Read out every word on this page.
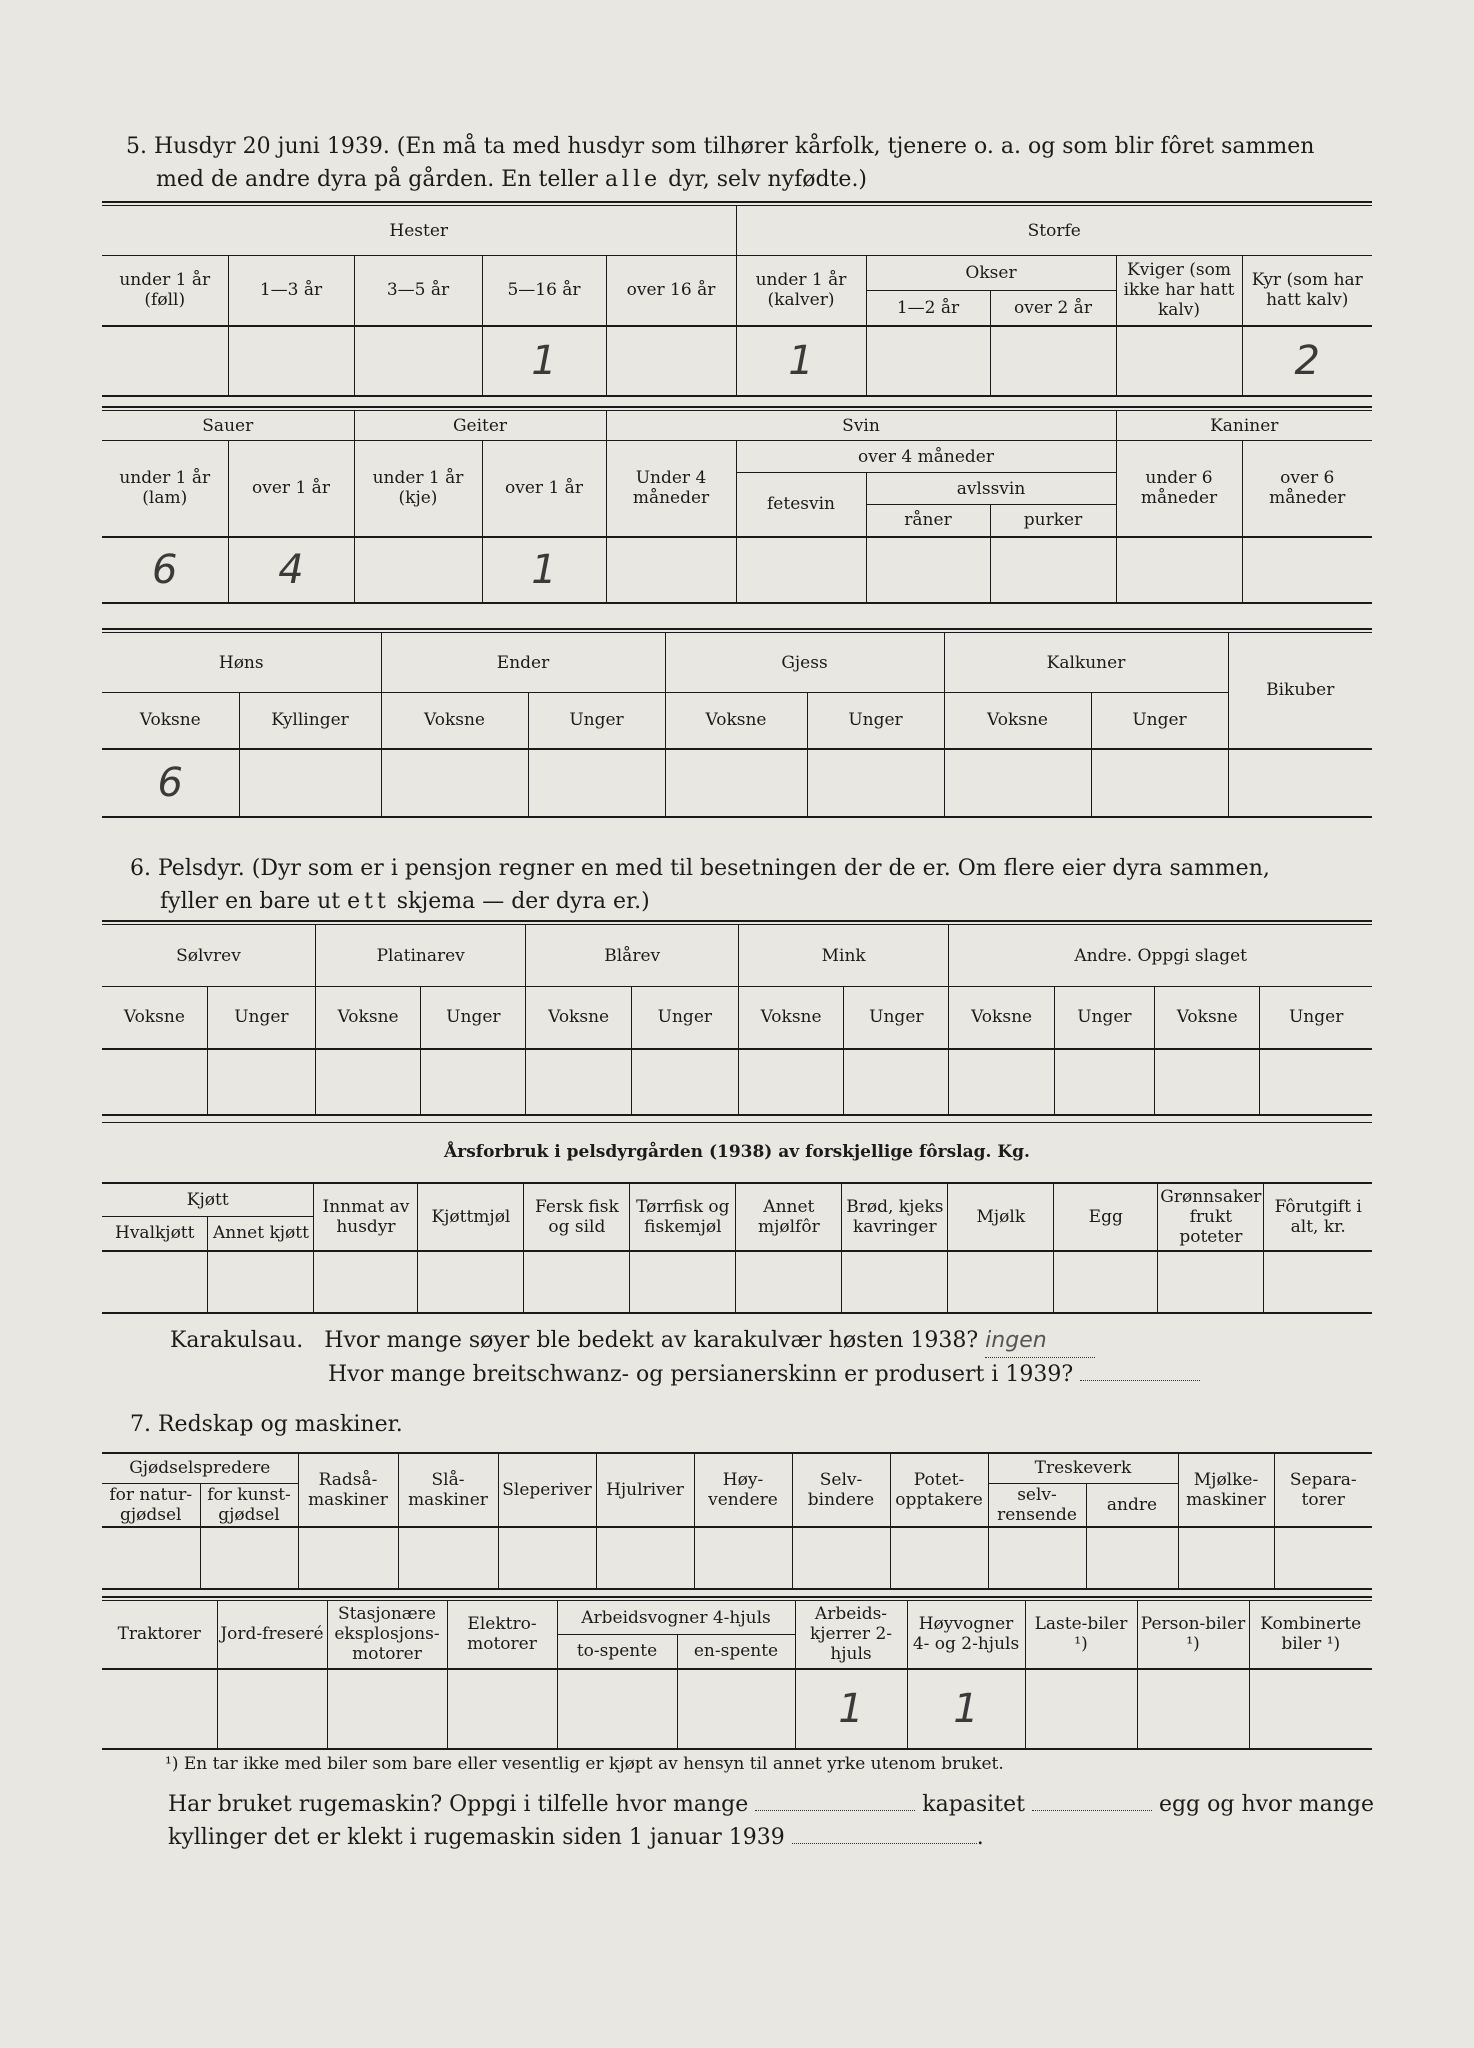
5. Husdyr 20 juni 1939. (En må ta med husdyr som tilhører kårfolk, tjenere o. a. og som blir fôret sammen
med de andre dyra på gården. En teller alle dyr, selv nyfødte.)
Hester					Storfe				
under 1 år (føll)	1—3 år	3—5 år	5—16 år	over 16 år	under 1 år (kalver)	Okser		Kviger (som ikke har hatt kalv)	Kyr (som har hatt kalv)
						1—2 år	over 2 år		
			1		1				2
Sauer		Geiter		Svin				Kaniner	
under 1 år (lam)	over 1 år	under 1 år (kje)	over 1 år	Under 4 måneder	over 4 måneder			under 6 måneder	over 6 måneder
					fetesvin	avlssvin			
						råner	purker		
6	4		1						
Høns		Ender		Gjess		Kalkuner		Bikuber
Voksne	Kyllinger	Voksne	Unger	Voksne	Unger	Voksne	Unger	
6								
6. Pelsdyr. (Dyr som er i pensjon regner en med til besetningen der de er. Om flere eier dyra sammen,
fyller en bare ut ett skjema — der dyra er.)
Sølvrev		Platinarev		Blårev		Mink		Andre. Oppgi slaget			
Voksne	Unger	Voksne	Unger	Voksne	Unger	Voksne	Unger	Voksne	Unger	Voksne	Unger

Årsforbruk i pelsdyrgården (1938) av forskjellige fôrslag. Kg.											
Kjøtt		Innmat av husdyr	Kjøttmjøl	Fersk fisk og sild	Tørrfisk og fiskemjøl	Annet mjølfôr	Brød, kjeks kavringer	Mjølk	Egg	Grønnsaker frukt poteter	Fôrutgift i alt, kr.
Hvalkjøtt	Annet kjøtt										

Karakulsau. Hvor mange søyer ble bedekt av karakulvær høsten 1938? ingen
Hvor mange breitschwanz- og persianerskinn er produsert i 1939?
7. Redskap og maskiner.
Gjødselspredere		Radså-maskiner	Slå-maskiner	Sleperiver	Hjulriver	Høy-vendere	Selv-bindere	Potet-opptakere	Treskeverk		Mjølke-maskiner	Separa-torer
for natur-gjødsel	for kunst-gjødsel								selv-rensende	andre		

Traktorer	Jord-freseré	Stasjonære eksplosjons-motorer	Elektro-motorer	Arbeidsvogner 4-hjuls		Arbeids-kjerrer 2-hjuls	Høyvogner 4- og 2-hjuls	Laste-biler ¹)	Person-biler ¹)	Kombinerte biler ¹)
				to-spente	en-spente					
						1	1			
¹) En tar ikke med biler som bare eller vesentlig er kjøpt av hensyn til annet yrke utenom bruket.
Har bruket rugemaskin? Oppgi i tilfelle hvor mange	kapasitet	egg og hvor mange
kyllinger det er klekt i rugemaskin siden 1 januar 1939	.
